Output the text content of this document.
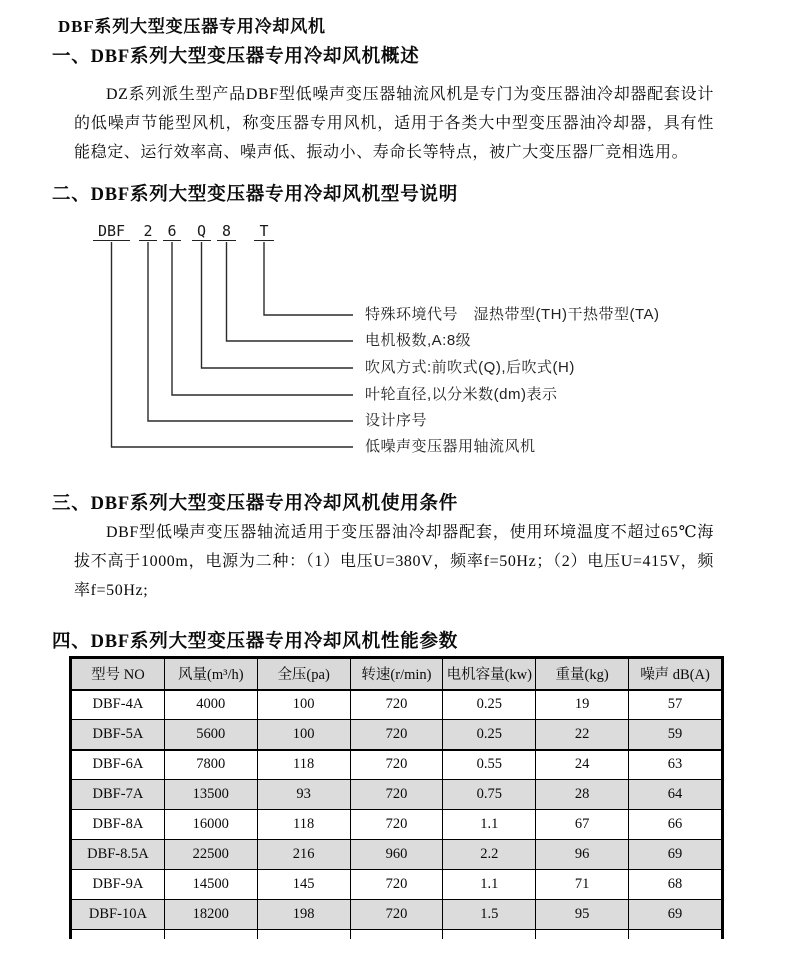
DBF系列大型变压器专用冷却风机
一、DBF系列大型变压器专用冷却风机概述
DZ系列派生型产品DBF型低噪声变压器轴流风机是专门为变压器油冷却器配套设计的低噪声节能型风机，称变压器专用风机，适用于各类大中型变压器油冷却器，具有性能稳定、运行效率高、噪声低、振动小、寿命长等特点，被广大变压器厂竞相选用。
二、DBF系列大型变压器专用冷却风机型号说明
DBF	2 6	Q	8	T
特殊环境代号　湿热带型(TH)干热带型(TA)
电机极数,A:8级
吹风方式:前吹式(Q),后吹式(H)
叶轮直径,以分米数(dm)表示
设计序号
低噪声变压器用轴流风机
三、DBF系列大型变压器专用冷却风机使用条件
DBF型低噪声变压器轴流适用于变压器油冷却器配套，使用环境温度不超过65℃海拔不高于1000m，电源为二种：（1）电压U=380V，频率f=50Hz；（2）电压U=415V，频率f=50Hz;
四、DBF系列大型变压器专用冷却风机性能参数
型号 NO	风量(m³/h)	全压(pa)	转速(r/min)	电机容量(kw)	重量(kg)	噪声 dB(A)
DBF-4A	4000	100	720	0.25	19	57
DBF-5A	5600	100	720	0.25	22	59
DBF-6A	7800	118	720	0.55	24	63
DBF-7A	13500	93	720	0.75	28	64
DBF-8A	16000	118	720	1.1	67	66
DBF-8.5A	22500	216	960	2.2	96	69
DBF-9A	14500	145	720	1.1	71	68
DBF-10A	18200	198	720	1.5	95	69
